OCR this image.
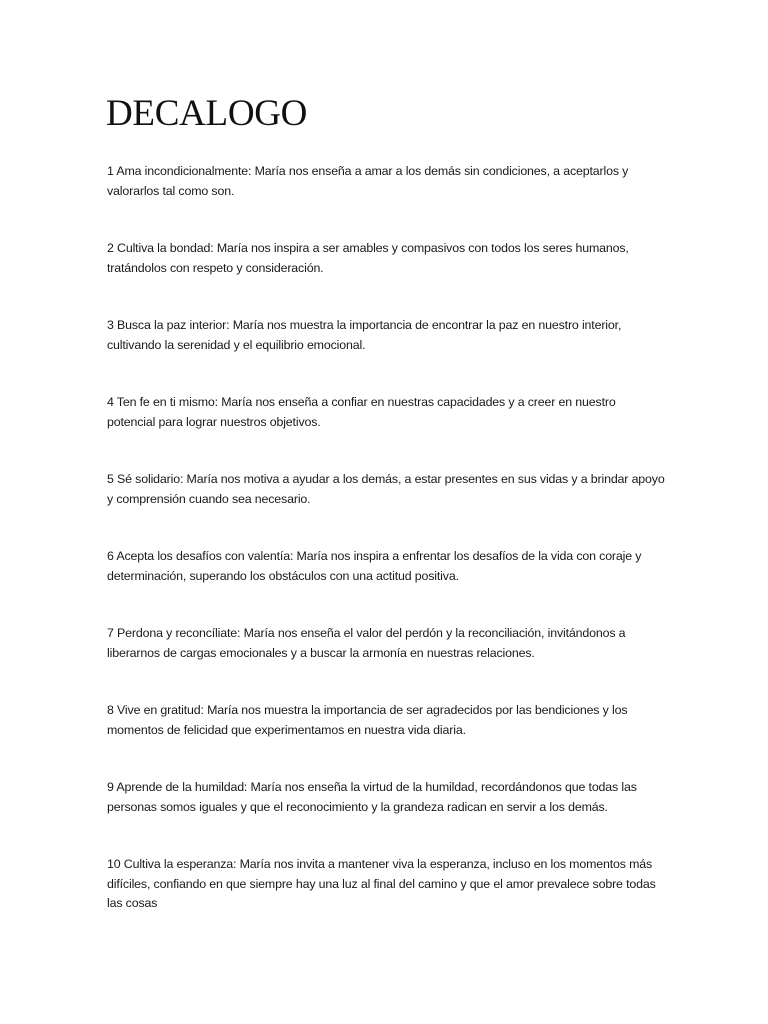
DECALOGO
1 Ama incondicionalmente: María nos enseña a amar a los demás sin condiciones, a aceptarlos y valorarlos tal como son.
2 Cultiva la bondad: María nos inspira a ser amables y compasivos con todos los seres humanos, tratándolos con respeto y consideración.
3 Busca la paz interior: María nos muestra la importancia de encontrar la paz en nuestro interior, cultivando la serenidad y el equilibrio emocional.
4 Ten fe en ti mismo: María nos enseña a confiar en nuestras capacidades y a creer en nuestro potencial para lograr nuestros objetivos.
5 Sé solidario: María nos motiva a ayudar a los demás, a estar presentes en sus vidas y a brindar apoyo y comprensión cuando sea necesario.
6 Acepta los desafíos con valentía: María nos inspira a enfrentar los desafíos de la vida con coraje y determinación, superando los obstáculos con una actitud positiva.
7 Perdona y reconcíliate: María nos enseña el valor del perdón y la reconciliación, invitándonos a liberarnos de cargas emocionales y a buscar la armonía en nuestras relaciones.
8 Vive en gratitud: María nos muestra la importancia de ser agradecidos por las bendiciones y los momentos de felicidad que experimentamos en nuestra vida diaria.
9 Aprende de la humildad: María nos enseña la virtud de la humildad, recordándonos que todas las personas somos iguales y que el reconocimiento y la grandeza radican en servir a los demás.
10 Cultiva la esperanza: María nos invita a mantener viva la esperanza, incluso en los momentos más difíciles, confiando en que siempre hay una luz al final del camino y que el amor prevalece sobre todas las cosas
